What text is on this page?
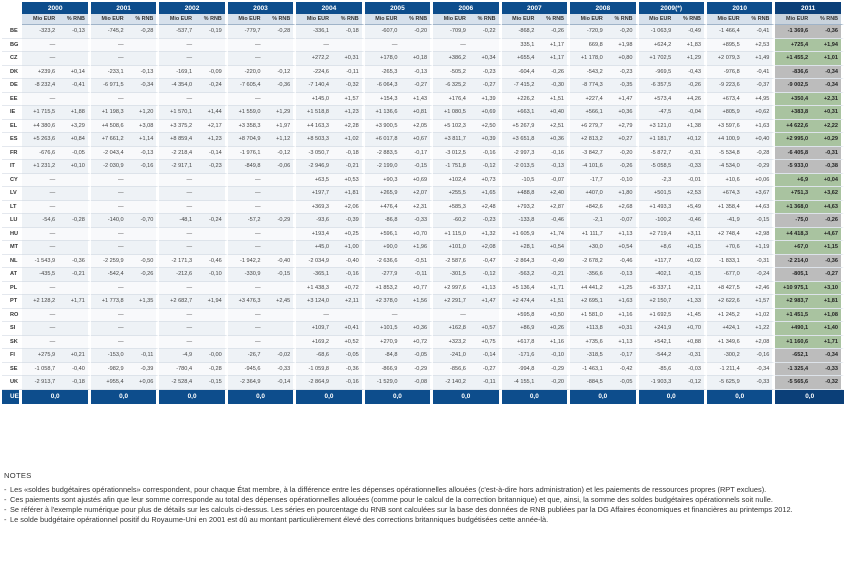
	2000		2001		2002		2003		2004		2005		2006		2007		2008		2009(*)		2010		2011	
	Mio EUR	% RNB	Mio EUR	% RNB	Mio EUR	% RNB	Mio EUR	% RNB	Mio EUR	% RNB	Mio EUR	% RNB	Mio EUR	% RNB	Mio EUR	% RNB	Mio EUR	% RNB	Mio EUR	% RNB	Mio EUR	% RNB	Mio EUR	% RNB
BE	-323,2	-0,13	-745,2	-0,28	-537,7	-0,19	-779,7	-0,28	-336,1	-0,18	-607,0	-0,20	-709,9	-0,22	-868,2	-0,26	-720,9	-0,20	-1 063,9	-0,49	-1 466,4	-0,41	-1 369,6	-0,36
BG	—		—		—		—		—		—		—		335,1	+1,17	669,8	+1,98	+624,2	+1,83	+895,5	+2,53	+725,4	+1,94
CZ	—		—		—		—		+272,2	+0,31	+178,0	+0,18	+386,2	+0,34	+655,4	+1,17	+1 178,0	+0,80	+1 702,5	+1,29	+2 079,3	+1,49	+1 455,2	+1,01
DK	+239,6	+0,14	-233,1	-0,13	-169,1	-0,09	-220,0	-0,12	-224,6	-0,11	-265,3	-0,13	-505,2	-0,23	-604,4	-0,26	-543,2	-0,23	-969,5	-0,43	-976,8	-0,41	-836,6	-0,34
DE	-8 232,4	-0,41	-6 971,5	-0,34	-4 354,0	-0,24	-7 605,4	-0,36	-7 140,4	-0,32	-6 064,3	-0,27	-6 325,2	-0,27	-7 415,2	-0,30	-8 774,3	-0,35	-6 357,5	-0,26	-9 223,6	-0,37	-9 002,5	-0,34
EE	—		—		—		—		+145,0	+1,57	+154,3	+1,43	+176,4	+1,39	+226,2	+1,51	+227,4	+1,47	+573,4	+4,26	+673,4	+4,95	+350,4	+2,31
IE	+1 715,5	+1,88	+1 198,3	+1,20	+1 570,1	+1,44	+1 559,0	+1,29	+1 518,8	+1,23	+1 136,6	+0,81	+1 080,5	+0,69	+663,1	+0,40	+566,1	+0,36	-47,5	-0,04	+805,9	+0,62	+383,8	+0,31
EL	+4 380,6	+3,29	+4 508,6	+3,08	+3 375,2	+2,17	+3 358,3	+1,97	+4 163,3	+2,28	+3 900,5	+2,05	+5 102,3	+2,50	+5 267,9	+2,51	+6 279,7	+2,79	+3 121,0	+1,38	+3 597,6	+1,63	+4 622,6	+2,22
ES	+5 263,6	+0,84	+7 661,2	+1,14	+8 859,4	+1,23	+8 704,9	+1,12	+8 503,3	+1,02	+6 017,8	+0,67	+3 811,7	+0,39	+3 651,8	+0,36	+2 813,2	+0,27	+1 181,7	+0,12	+4 100,9	+0,40	+2 995,0	+0,29
FR	-676,6	-0,05	-2 043,4	-0,13	-2 218,4	-0,14	-1 976,1	-0,12	-3 050,7	-0,18	-2 883,5	-0,17	-3 012,5	-0,16	-2 997,3	-0,16	-3 842,7	-0,20	-5 872,7	-0,31	-5 534,8	-0,28	-6 405,8	-0,31
IT	+1 231,2	+0,10	-2 030,9	-0,16	-2 917,1	-0,23	-849,8	-0,06	-2 946,9	-0,21	-2 199,0	-0,15	-1 751,8	-0,12	-2 013,5	-0,13	-4 101,6	-0,26	-5 058,5	-0,33	-4 534,0	-0,29	-5 933,0	-0,38
CY	—		—		—		—		+63,5	+0,53	+90,3	+0,69	+102,4	+0,73	-10,5	-0,07	-17,7	-0,10	-2,3	-0,01	+10,6	+0,06	+6,9	+0,04
LV	—		—		—		—		+197,7	+1,81	+265,9	+2,07	+255,5	+1,65	+488,8	+2,40	+407,0	+1,80	+501,5	+2,53	+674,3	+3,67	+751,3	+3,62
LT	—		—		—		—		+369,3	+2,06	+476,4	+2,31	+585,3	+2,48	+793,2	+2,87	+842,6	+2,68	+1 493,3	+5,49	+1 358,4	+4,63	+1 368,0	+4,63
LU	-54,6	-0,28	-140,0	-0,70	-48,1	-0,24	-57,2	-0,29	-93,6	-0,39	-86,8	-0,33	-60,2	-0,23	-133,8	-0,46	-2,1	-0,07	-100,2	-0,46	-41,9	-0,15	-75,0	-0,26
HU	—		—		—		—		+193,4	+0,25	+596,1	+0,70	+1 115,0	+1,32	+1 605,9	+1,74	+1 111,7	+1,13	+2 719,4	+3,11	+2 748,4	+2,98	+4 418,3	+4,67
MT	—		—		—		—		+45,0	+1,00	+90,0	+1,96	+101,0	+2,08	+28,1	+0,54	+30,0	+0,54	+8,6	+0,15	+70,6	+1,19	+67,0	+1,15
NL	-1 543,9	-0,36	-2 259,9	-0,50	-2 171,3	-0,46	-1 942,2	-0,40	-2 034,9	-0,40	-2 636,6	-0,51	-2 587,6	-0,47	-2 864,3	-0,49	-2 678,2	-0,46	+117,7	+0,02	-1 833,1	-0,31	-2 214,0	-0,36
AT	-435,5	-0,21	-542,4	-0,26	-212,6	-0,10	-330,9	-0,15	-365,1	-0,16	-277,9	-0,11	-301,5	-0,12	-563,2	-0,21	-356,6	-0,13	-402,1	-0,15	-677,0	-0,24	-805,1	-0,27
PL	—		—		—		—		+1 438,3	+0,72	+1 853,2	+0,77	+2 997,6	+1,13	+5 136,4	+1,71	+4 441,2	+1,25	+6 337,1	+2,11	+8 427,5	+2,46	+10 975,1	+3,10
PT	+2 128,2	+1,71	+1 773,8	+1,35	+2 682,7	+1,94	+3 476,3	+2,45	+3 124,0	+2,11	+2 378,0	+1,56	+2 291,7	+1,47	+2 474,4	+1,51	+2 695,1	+1,63	+2 150,7	+1,33	+2 622,6	+1,57	+2 983,7	+1,81
RO	—		—		—		—		—		—		—		+595,8	+0,50	+1 581,0	+1,16	+1 692,5	+1,45	+1 245,2	+1,02	+1 451,5	+1,08
SI	—		—		—		—		+109,7	+0,41	+101,5	+0,36	+162,8	+0,57	+86,9	+0,26	+113,8	+0,31	+241,9	+0,70	+424,1	+1,22	+490,1	+1,40
SK	—		—		—		—		+169,2	+0,52	+270,9	+0,72	+323,2	+0,75	+617,8	+1,16	+735,6	+1,13	+542,1	+0,88	+1 349,6	+2,08	+1 160,6	+1,71
FI	+275,9	+0,21	-153,0	-0,11	-4,9	-0,00	-26,7	-0,02	-68,6	-0,05	-84,8	-0,05	-241,0	-0,14	-171,6	-0,10	-318,5	-0,17	-544,2	-0,31	-300,2	-0,16	-652,1	-0,34
SE	-1 058,7	-0,40	-982,9	-0,39	-780,4	-0,28	-945,6	-0,33	-1 059,8	-0,36	-866,9	-0,29	-856,6	-0,27	-994,8	-0,29	-1 463,1	-0,42	-85,6	-0,03	-1 211,4	-0,34	-1 325,4	-0,33
UK	-2 913,7	-0,18	+955,4	+0,06	-2 528,4	-0,15	-2 364,9	-0,14	-2 864,9	-0,16	-1 529,0	-0,08	-2 140,2	-0,11	-4 155,1	-0,20	-884,5	-0,05	-1 903,3	-0,12	-5 625,9	-0,33	-5 565,6	-0,32
UE	0,0		0,0		0,0		0,0		0,0		0,0		0,0		0,0		0,0		0,0		0,0		0,0	
NOTES
- Les «soldes budgétaires opérationnels» correspondent, pour chaque État membre, à la différence entre les dépenses opérationnelles allouées (c'est-à-dire hors administration) et les paiements de ressources propres (RPT exclues).
- Ces paiements sont ajustés afin que leur somme corresponde au total des dépenses opérationnelles allouées (comme pour le calcul de la correction britannique) et que, ainsi, la somme des soldes budgétaires opérationnels soit nulle.
- Se référer à l'exemple numérique pour plus de détails sur les calculs ci-dessus. Les séries en pourcentage du RNB sont calculées sur la base des données de RNB publiées par la DG Affaires économiques et financières au printemps 2012.
- Le solde budgétaire opérationnel positif du Royaume-Uni en 2001 est dû au montant particulièrement élevé des corrections britanniques budgétisées cette année-là.
